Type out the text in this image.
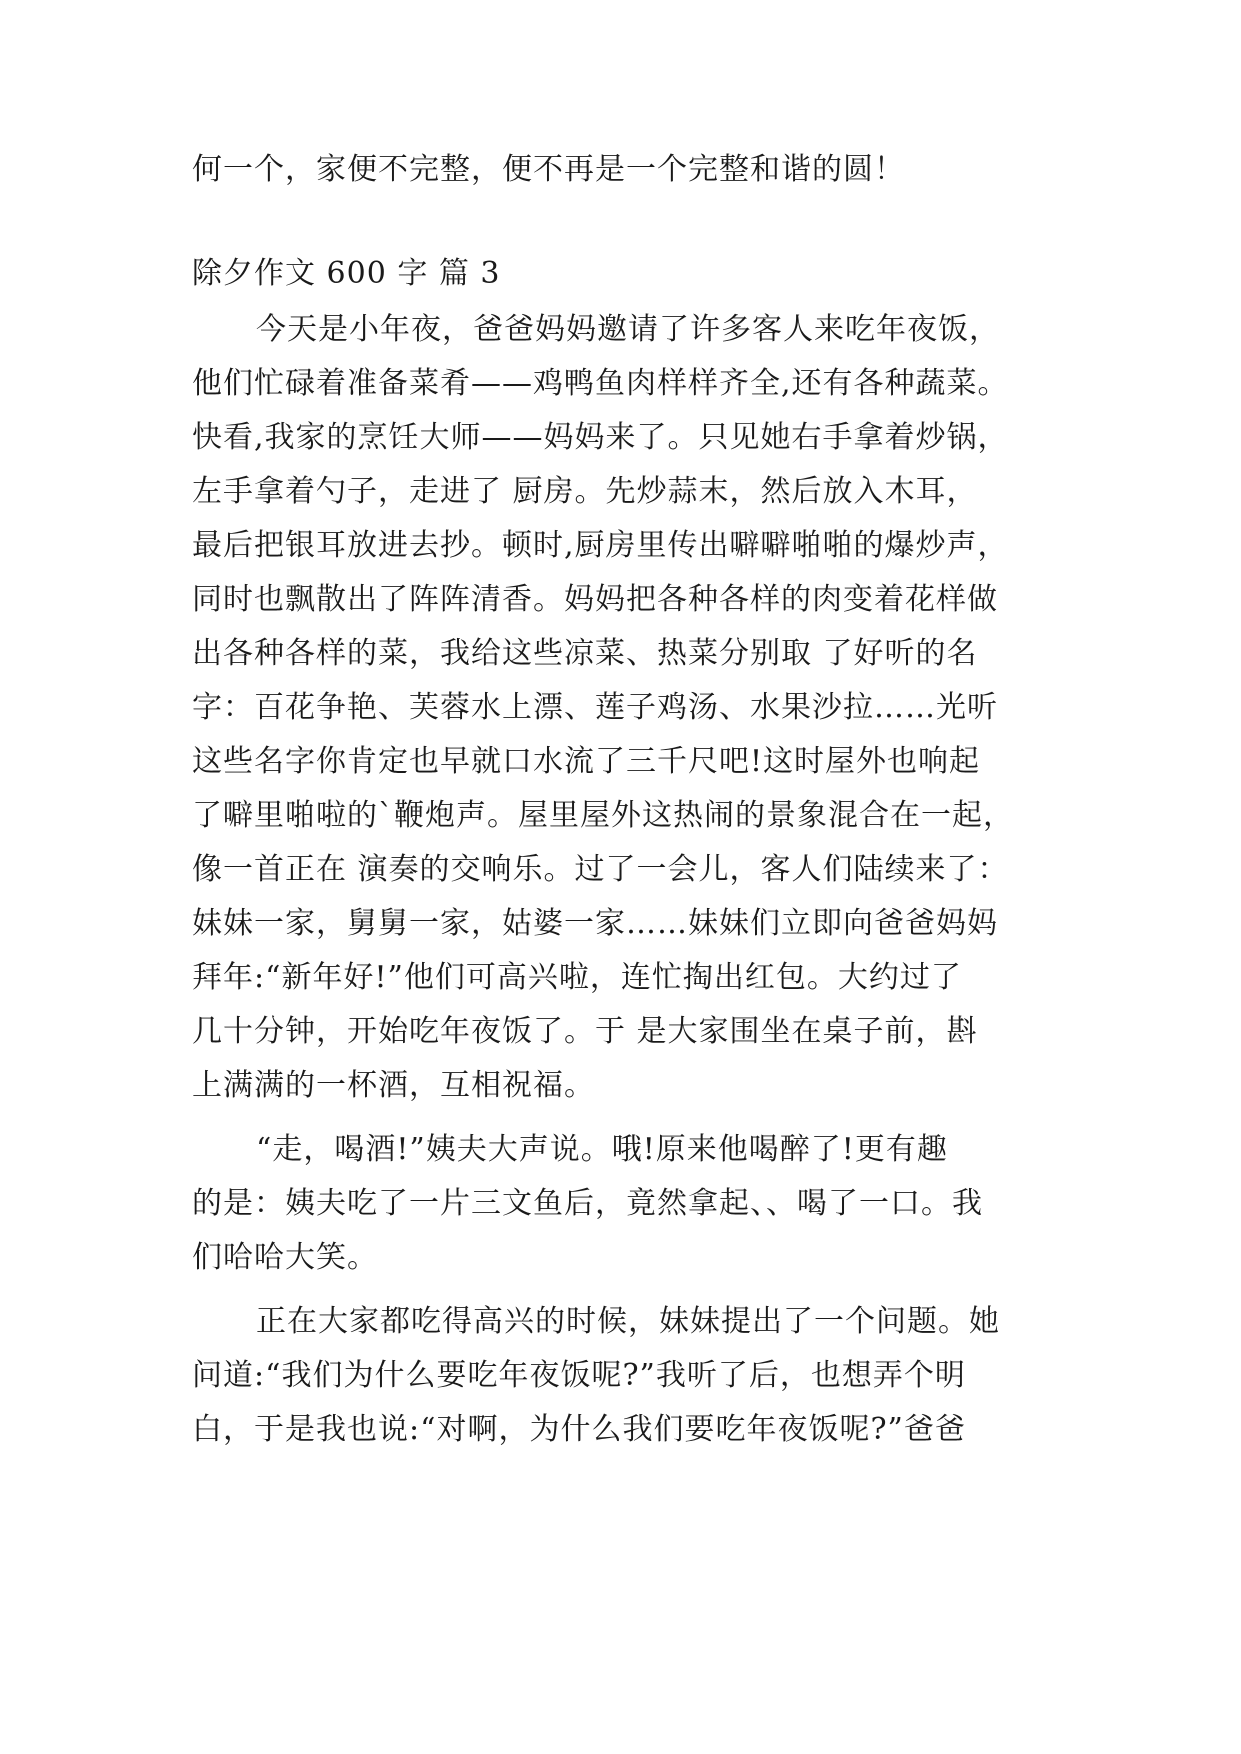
何一个，家便不完整，便不再是一个完整和谐的圆！
除夕作文 600 字 篇 3
今天是小年夜，爸爸妈妈邀请了许多客人来吃年夜饭，
他们忙碌着准备菜肴——鸡鸭鱼肉样样齐全,还有各种蔬菜。
快看,我家的烹饪大师——妈妈来了。只见她右手拿着炒锅，
左手拿着勺子，走进了 厨房。先炒蒜末，然后放入木耳，
最后把银耳放进去抄。顿时,厨房里传出噼噼啪啪的爆炒声，
同时也飘散出了阵阵清香。妈妈把各种各样的肉变着花样做
出各种各样的菜，我给这些凉菜、热菜分别取 了好听的名
字：百花争艳、芙蓉水上漂、莲子鸡汤、水果沙拉……光听
这些名字你肯定也早就口水流了三千尺吧!这时屋外也响起
了噼里啪啦的`鞭炮声。屋里屋外这热闹的景象混合在一起，
像一首正在 演奏的交响乐。过了一会儿，客人们陆续来了：
妹妹一家，舅舅一家，姑婆一家……妹妹们立即向爸爸妈妈
拜年:“新年好!”他们可高兴啦，连忙掏出红包。大约过了
几十分钟，开始吃年夜饭了。于 是大家围坐在桌子前，斟
上满满的一杯酒，互相祝福。
“走，喝酒!”姨夫大声说。哦!原来他喝醉了!更有趣
的是：姨夫吃了一片三文鱼后，竟然拿起、、喝了一口。我
们哈哈大笑。
正在大家都吃得高兴的时候，妹妹提出了一个问题。她
问道:“我们为什么要吃年夜饭呢?”我听了后，也想弄个明
白，于是我也说:“对啊，为什么我们要吃年夜饭呢?”爸爸
